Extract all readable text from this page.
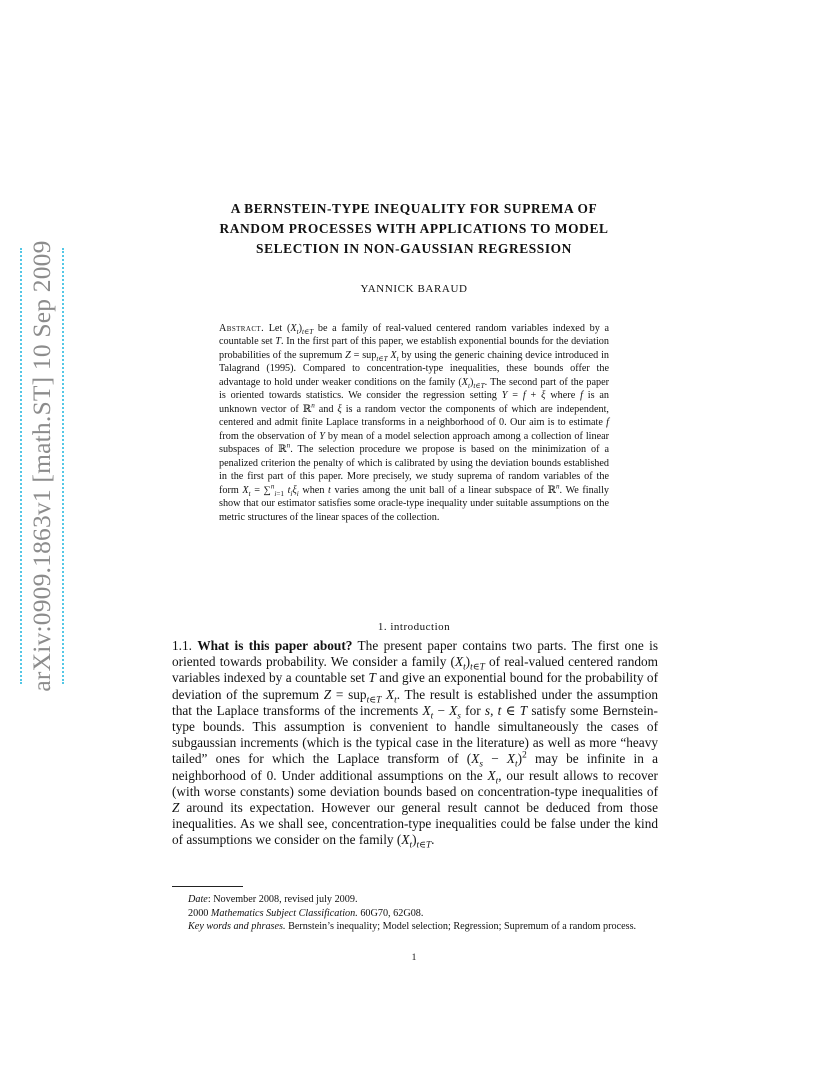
arXiv:0909.1863v1 [math.ST] 10 Sep 2009
A BERNSTEIN-TYPE INEQUALITY FOR SUPREMA OF
RANDOM PROCESSES WITH APPLICATIONS TO MODEL
SELECTION IN NON-GAUSSIAN REGRESSION
YANNICK BARAUD
Abstract. Let $(X_t)_{t\in T}$ be a family of real-valued centered random variables indexed by a countable set T. In the first part of this paper, we establish exponential bounds for the deviation probabilities of the supremum Z = sup$_{t\in T}$ $X_t$ by using the generic chaining device introduced in Talagrand (1995). Compared to concentration-type inequalities, these bounds offer the advantage to hold under weaker conditions on the family $(X_t)_{t\in T}$. The second part of the paper is oriented towards statistics. We consider the regression setting Y = f + ξ where f is an unknown vector of ℝ$^n$ and ξ is a random vector the components of which are independent, centered and admit finite Laplace transforms in a neighborhood of 0. Our aim is to estimate f from the observation of Y by mean of a model selection approach among a collection of linear subspaces of ℝ$^n$. The selection procedure we propose is based on the minimization of a penalized criterion the penalty of which is calibrated by using the deviation bounds established in the first part of this paper. More precisely, we study suprema of random variables of the form $X_t = \sum^n_{i=1}$ $t_i\xi_i$ when t varies among the unit ball of a linear subspace of ℝ$^n$. We finally show that our estimator satisfies some oracle-type inequality under suitable assumptions on the metric structures of the linear spaces of the collection.
1. introduction
1.1. What is this paper about? The present paper contains two parts. The first one is oriented towards probability. We consider a family $(X_t)_{t\in T}$ of real-valued centered random variables indexed by a countable set T and give an exponential bound for the probability of deviation of the supremum Z = sup$_{t\in T}$ $X_t$. The result is established under the assumption that the Laplace transforms of the increments $X_t - X_s$ for s, t ∈ T satisfy some Bernstein-type bounds. This assumption is convenient to handle simultaneously the cases of subgaussian increments (which is the typical case in the literature) as well as more “heavy tailed” ones for which the Laplace transform of $(X_s - X_t)^2$ may be infinite in a neighborhood of 0. Under additional assumptions on the $X_t$, our result allows to recover (with worse constants) some deviation bounds based on concentration-type inequalities of Z around its expectation. However our general result cannot be deduced from those inequalities. As we shall see, concentration-type inequalities could be false under the kind of assumptions we consider on the family $(X_t)_{t\in T}$.
Date: November 2008, revised july 2009.
2000 Mathematics Subject Classification. 60G70, 62G08.
Key words and phrases. Bernstein’s inequality; Model selection; Regression; Supremum of a random process.
1
